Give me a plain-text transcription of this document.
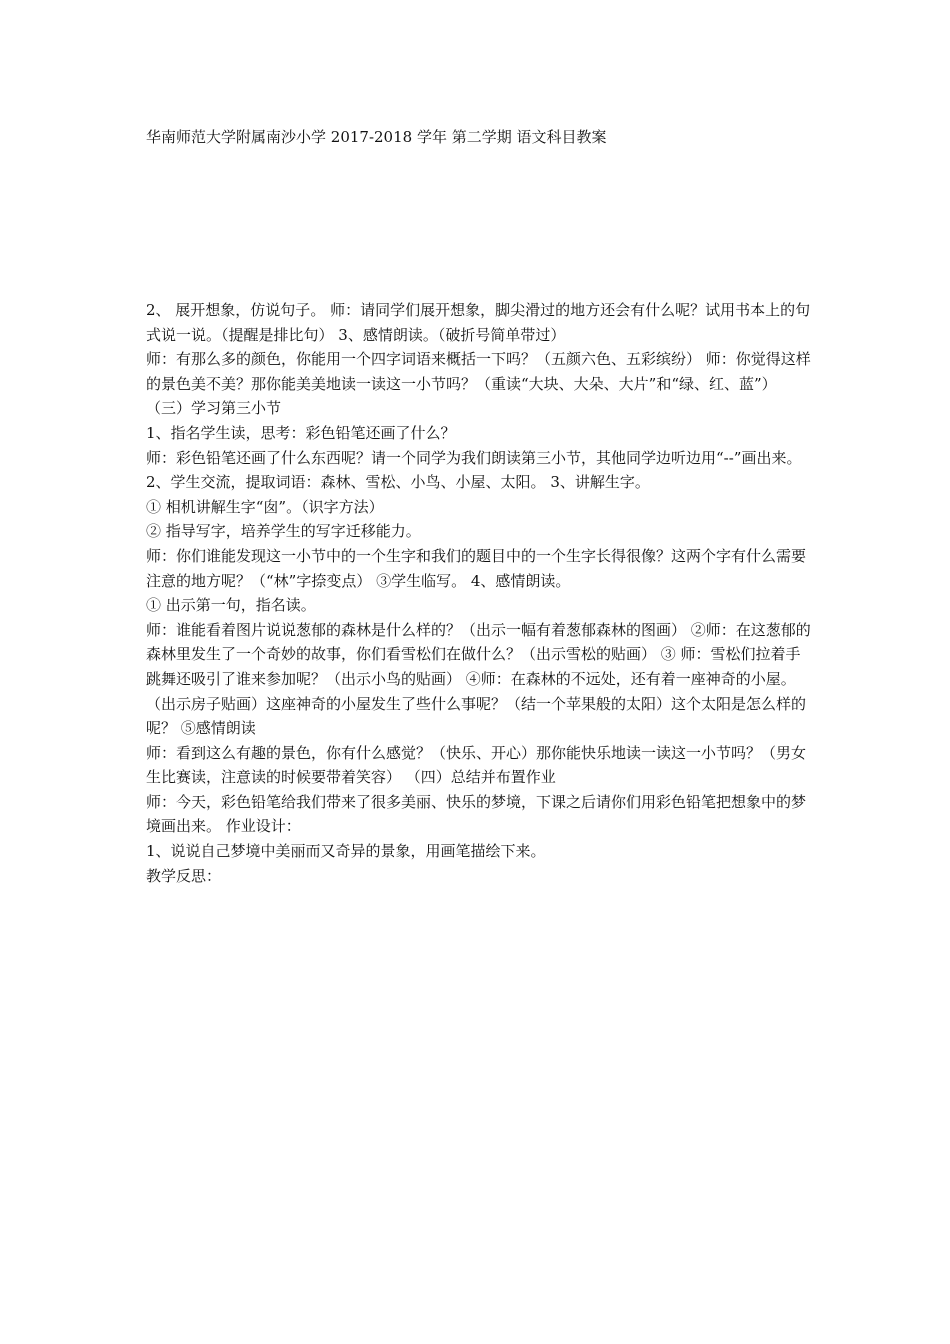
华南师范大学附属南沙小学 2017-2018 学年 第二学期 语文科目教案

2、 展开想象，仿说句子。 师：请同学们展开想象，脚尖滑过的地方还会有什么呢？试用书本上的句式说一说。（提醒是排比句） 3、感情朗读。（破折号简单带过）

师：有那么多的颜色，你能用一个四字词语来概括一下吗？（五颜六色、五彩缤纷） 师：你觉得这样的景色美不美？那你能美美地读一读这一小节吗？（重读“大块、大朵、大片”和“绿、红、蓝”） （三）学习第三小节

1、指名学生读，思考：彩色铅笔还画了什么？

师：彩色铅笔还画了什么东西呢？请一个同学为我们朗读第三小节，其他同学边听边用“--”画出来。

2、学生交流，提取词语：森林、雪松、小鸟、小屋、太阳。 3、讲解生字。

① 相机讲解生字“囱”。（识字方法）

② 指导写字，培养学生的写字迁移能力。

师：你们谁能发现这一小节中的一个生字和我们的题目中的一个生字长得很像？这两个字有什么需要注意的地方呢？（“林”字捺变点） ③学生临写。 4、感情朗读。

① 出示第一句，指名读。

师：谁能看着图片说说葱郁的森林是什么样的？（出示一幅有着葱郁森林的图画） ②师：在这葱郁的森林里发生了一个奇妙的故事，你们看雪松们在做什么？（出示雪松的贴画） ③ 师：雪松们拉着手跳舞还吸引了谁来参加呢？（出示小鸟的贴画） ④师：在森林的不远处，还有着一座神奇的小屋。（出示房子贴画）这座神奇的小屋发生了些什么事呢？（结一个苹果般的太阳）这个太阳是怎么样的呢？ ⑤感情朗读

师：看到这么有趣的景色，你有什么感觉？（快乐、开心）那你能快乐地读一读这一小节吗？（男女生比赛读，注意读的时候要带着笑容） （四）总结并布置作业

师：今天，彩色铅笔给我们带来了很多美丽、快乐的梦境，下课之后请你们用彩色铅笔把想象中的梦境画出来。 作业设计：

1、说说自己梦境中美丽而又奇异的景象，用画笔描绘下来。

教学反思：
